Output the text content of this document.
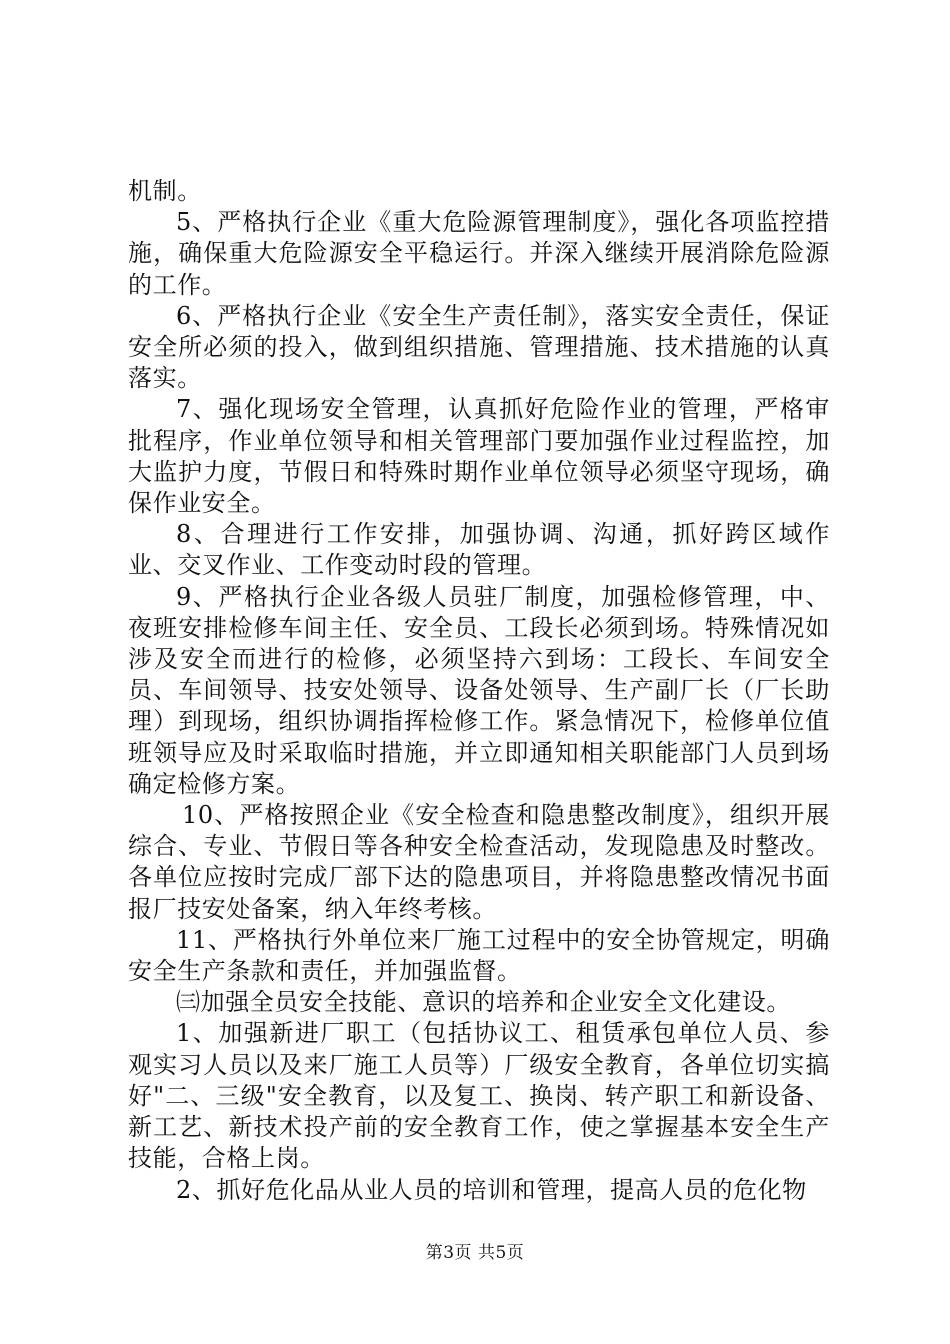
机制。

5、严格执行企业《重大危险源管理制度》，强化各项监控措施，确保重大危险源安全平稳运行。并深入继续开展消除危险源的工作。

6、严格执行企业《安全生产责任制》，落实安全责任，保证安全所必须的投入，做到组织措施、管理措施、技术措施的认真落实。

7、强化现场安全管理，认真抓好危险作业的管理，严格审批程序，作业单位领导和相关管理部门要加强作业过程监控，加大监护力度，节假日和特殊时期作业单位领导必须坚守现场，确保作业安全。

8、合理进行工作安排，加强协调、沟通，抓好跨区域作业、交叉作业、工作变动时段的管理。

9、严格执行企业各级人员驻厂制度，加强检修管理，中、夜班安排检修车间主任、安全员、工段长必须到场。特殊情况如涉及安全而进行的检修，必须坚持六到场：工段长、车间安全员、车间领导、技安处领导、设备处领导、生产副厂长（厂长助理）到现场，组织协调指挥检修工作。紧急情况下，检修单位值班领导应及时采取临时措施，并立即通知相关职能部门人员到场确定检修方案。

10、严格按照企业《安全检查和隐患整改制度》，组织开展综合、专业、节假日等各种安全检查活动，发现隐患及时整改。各单位应按时完成厂部下达的隐患项目，并将隐患整改情况书面报厂技安处备案，纳入年终考核。

11、严格执行外单位来厂施工过程中的安全协管规定，明确安全生产条款和责任，并加强监督。

㈢加强全员安全技能、意识的培养和企业安全文化建设。

1、加强新进厂职工（包括协议工、租赁承包单位人员、参观实习人员以及来厂施工人员等）厂级安全教育，各单位切实搞好"二、三级"安全教育，以及复工、换岗、转产职工和新设备、新工艺、新技术投产前的安全教育工作，使之掌握基本安全生产技能，合格上岗。

2、抓好危化品从业人员的培训和管理，提高人员的危化物

第3页 共5页
